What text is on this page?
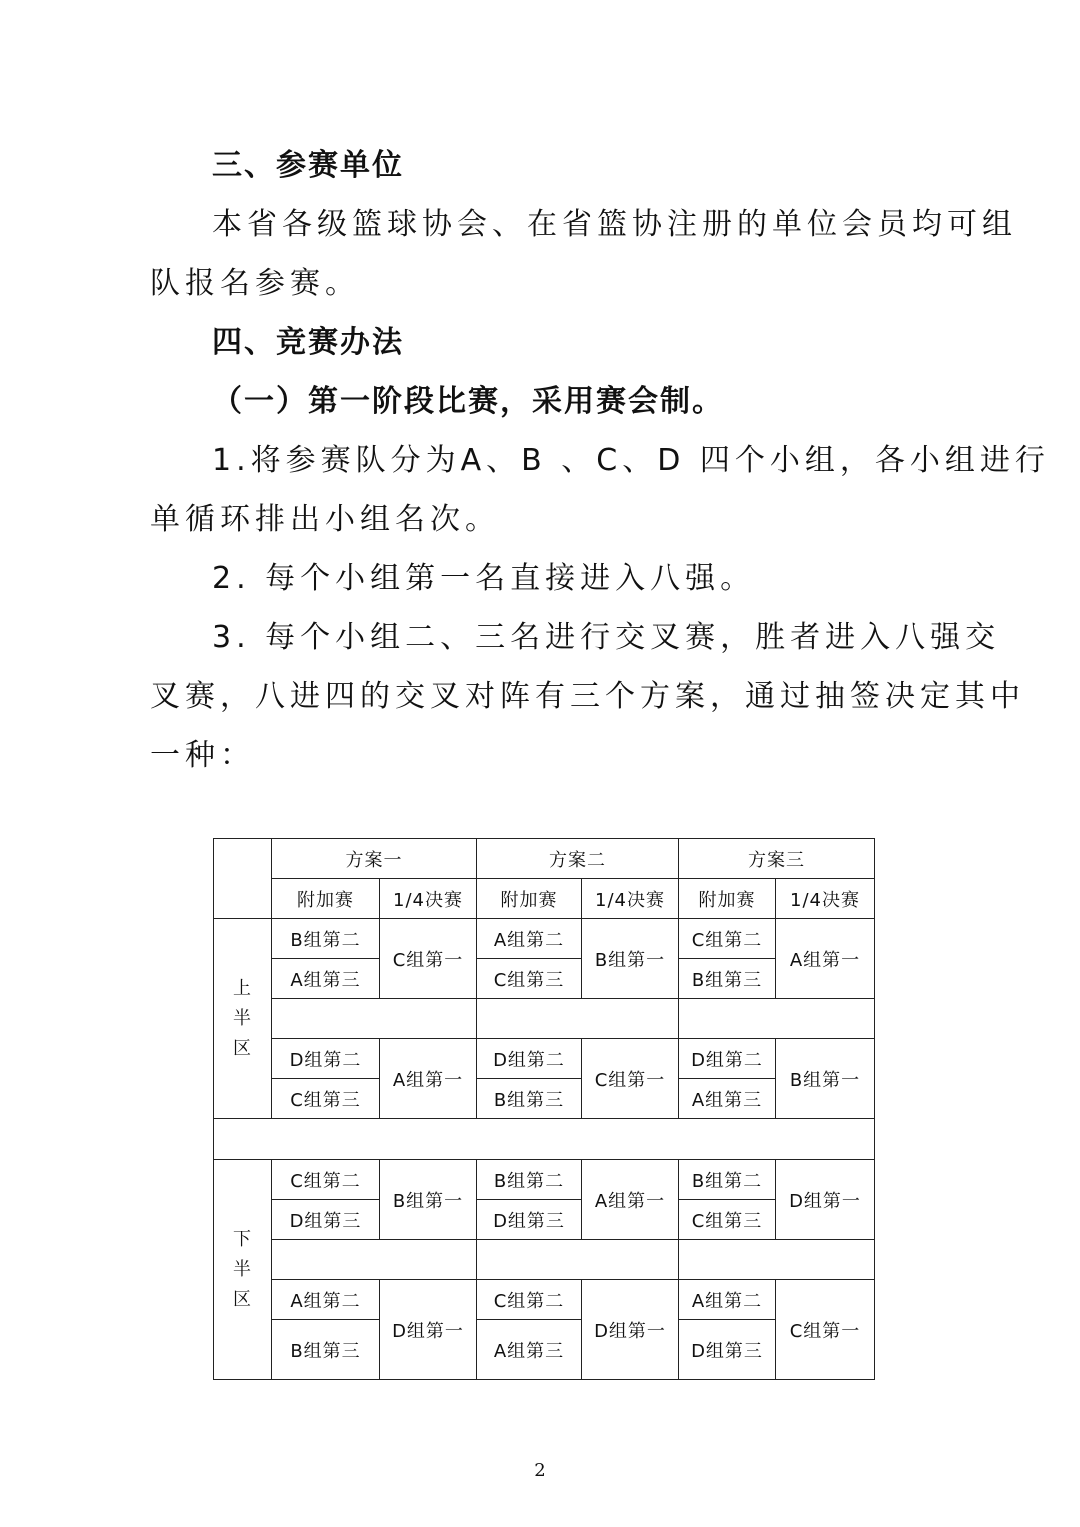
三、参赛单位
本省各级篮球协会、在省篮协注册的单位会员均可组
队报名参赛。
四、竞赛办法
（一）第一阶段比赛，采用赛会制。
1.将参赛队分为A、B 、C、D 四个小组，各小组进行
单循环排出小组名次。
2. 每个小组第一名直接进入八强。
3. 每个小组二、三名进行交叉赛，胜者进入八强交
叉赛，八进四的交叉对阵有三个方案，通过抽签决定其中
一种：
	方案一		方案二		方案三	
	附加赛	1/4决赛	附加赛	1/4决赛	附加赛	1/4决赛

上
半
区	B组第二	C组第一	A组第二	B组第一	C组第二	A组第一
	A组第三		C组第三		B组第三	

	D组第二	A组第一	D组第二	C组第一	D组第二	B组第一
	C组第三		B组第三		A组第三	

下
半
区	C组第二	B组第一	B组第二	A组第一	B组第二	D组第一
	D组第三		D组第三		C组第三	

	A组第二	D组第一	C组第二	D组第一	A组第二	C组第一
	B组第三		A组第三		D组第三	
2
